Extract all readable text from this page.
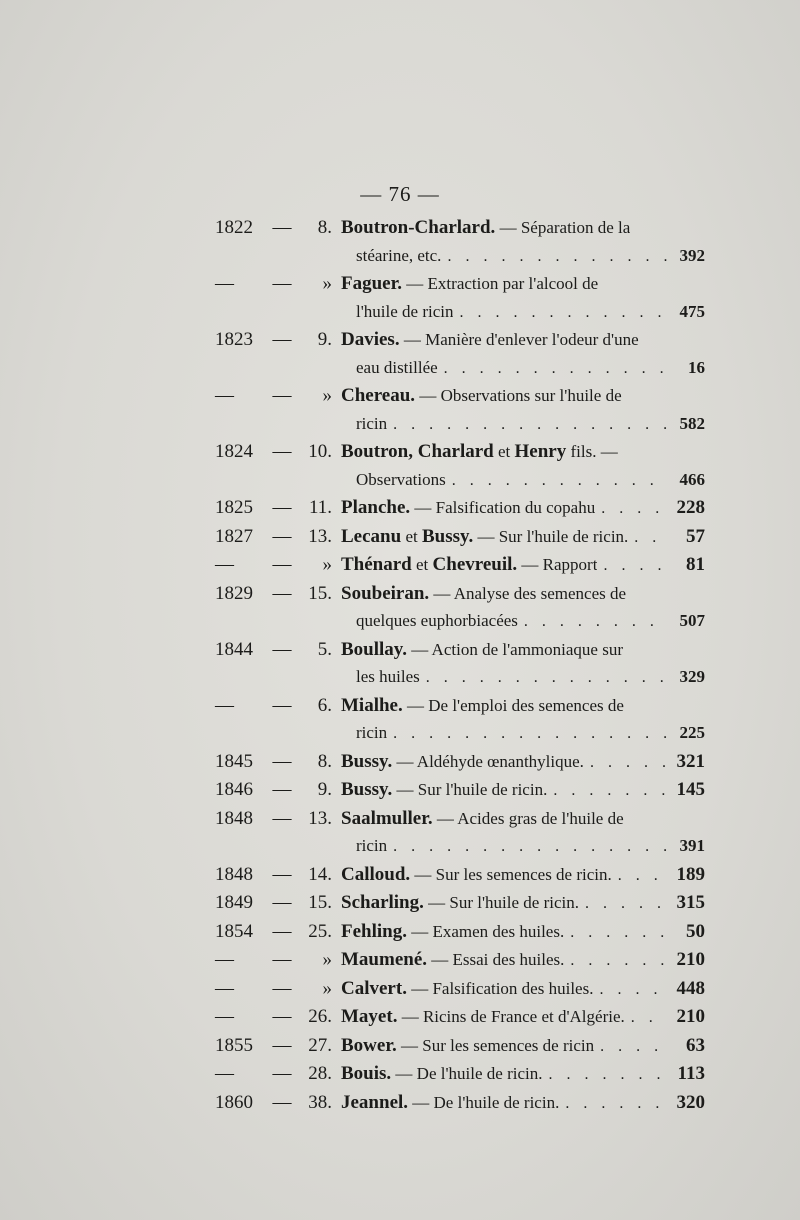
— 76 —
1822	—	8. Boutron-Charlard. — Séparation de la
stéarine, etc. . . .	392
—	—	» Faguer. — Extraction par l'alcool de
l'huile de ricin . . .	475
1823	—	9. Davies. — Manière d'enlever l'odeur d'une
eau distillée . . .	16
—	—	» Chereau. — Observations sur l'huile de
ricin . . .	582
1824	— 10. Boutron, Charlard et Henry fils. —
Observations . . .	466
1825	— 11. Planche. — Falsification du copahu . . .	228
1827	— 13. Lecanu et Bussy. — Sur l'huile de ricin. . . .	57
—	—	» Thénard et Chevreuil. — Rapport . . .	81
1829	— 15. Soubeiran. — Analyse des semences de
quelques euphorbiacées . . .	507
1844	—	5. Boullay. — Action de l'ammoniaque sur
les huiles . . .	329
—	—	6. Mialhe. — De l'emploi des semences de
ricin . . .	225
1845	—	8. Bussy. — Aldéhyde œnanthylique. . . .	321
1846	—	9. Bussy. — Sur l'huile de ricin. . . .	145
1848	— 13. Saalmuller. — Acides gras de l'huile de
ricin . . .	391
1848	— 14. Calloud. — Sur les semences de ricin. . . .	189
1849	— 15. Scharling. — Sur l'huile de ricin. . . .	315
1854	— 25. Fehling. — Examen des huiles. . . .	50
—	—	» Maumené. — Essai des huiles. . . .	210
—	—	» Calvert. — Falsification des huiles. . . .	448
—	— 26. Mayet. — Ricins de France et d'Algérie. . . .	210
1855	— 27. Bower. — Sur les semences de ricin . . .	63
—	— 28. Bouis. — De l'huile de ricin. . . .	113
1860	— 38. Jeannel. — De l'huile de ricin. . . .	320
